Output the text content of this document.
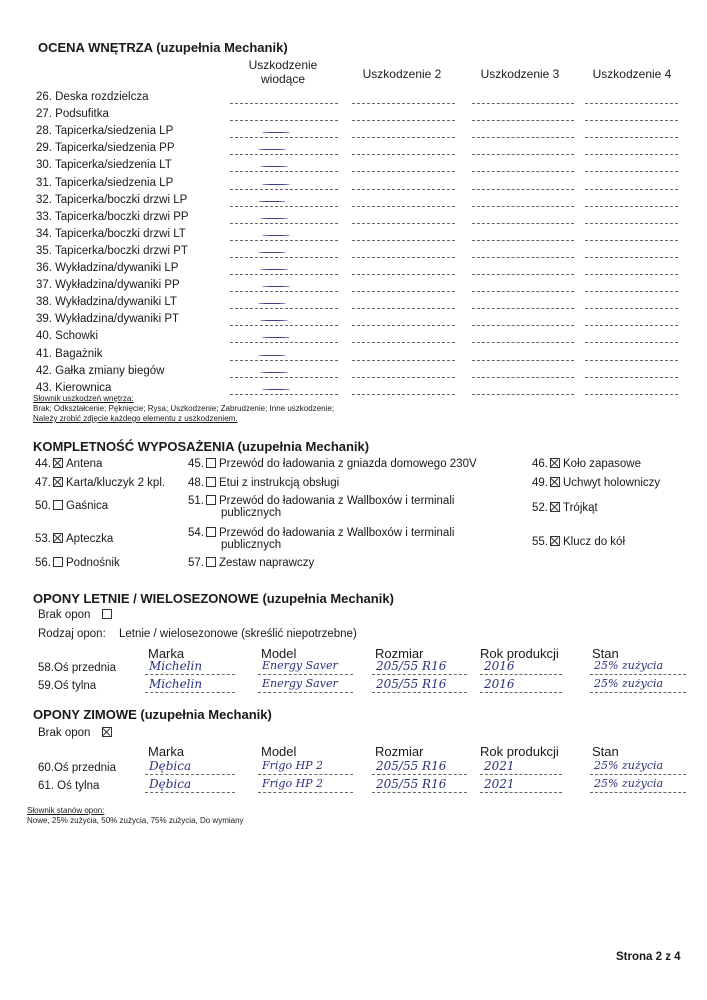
OCENA WNĘTRZA (uzupełnia Mechanik)
Uszkodzenie wiodące	Uszkodzenie 2	Uszkodzenie 3	Uszkodzenie 4
26. Deska rozdzielcza
27. Podsufitka
28. Tapicerka/siedzenia LP
29. Tapicerka/siedzenia PP
30. Tapicerka/siedzenia LT
31. Tapicerka/siedzenia LP
32. Tapicerka/boczki drzwi LP
33. Tapicerka/boczki drzwi PP
34. Tapicerka/boczki drzwi LT
35. Tapicerka/boczki drzwi PT
36. Wykładzina/dywaniki LP
37. Wykładzina/dywaniki PP
38. Wykładzina/dywaniki LT
39. Wykładzina/dywaniki PT
40. Schowki
41. Bagażnik
42. Gałka zmiany biegów
43. Kierownica
Słownik uszkodzeń wnętrza:
Brak; Odkształcenie; Pęknięcie; Rysa; Uszkodzenie; Zabrudzenie; Inne uszkodzenie;
Należy zrobić zdjęcie każdego elementu z uszkodzeniem.
KOMPLETNOŚĆ WYPOSAŻENIA (uzupełnia Mechanik)
44. Antena	45. Przewód do ładowania z gniazda domowego 230V	46. Koło zapasowe
47. Karta/kluczyk 2 kpl. 48. Etui z instrukcją obsługi	49. Uchwyt holowniczy
50. Gaśnica	51. Przewód do ładowania z Wallboxów i terminali
publicznych	52. Trójkąt
53. Apteczka	54. Przewód do ładowania z Wallboxów i terminali
publicznych	55. Klucz do kół
56. Podnośnik	57. Zestaw naprawczy
OPONY LETNIE / WIELOSEZONOWE (uzupełnia Mechanik)
Brak opon
Rodzaj opon: Letnie / wielosezonowe (skreślić niepotrzebne)
Marka	Model	Rozmiar	Rok produkcji	Stan
58.Oś przednia	Michelin	Energy Saver	205/55 R16	2016	25% zużycia
59.Oś tylna	Michelin	Energy Saver	205/55 R16	2016	25% zużycia
OPONY ZIMOWE (uzupełnia Mechanik)
Brak opon
Marka	Model	Rozmiar	Rok produkcji	Stan
60.Oś przednia	Dębica	Frigo HP 2	205/55 R16	2021	25% zużycia
61. Oś tylna	Dębica	Frigo HP 2	205/55 R16	2021	25% zużycia
Słownik stanów opon:
Nowe, 25% zużycia, 50% zużycia, 75% zużycia, Do wymiany
Strona 2 z 4
